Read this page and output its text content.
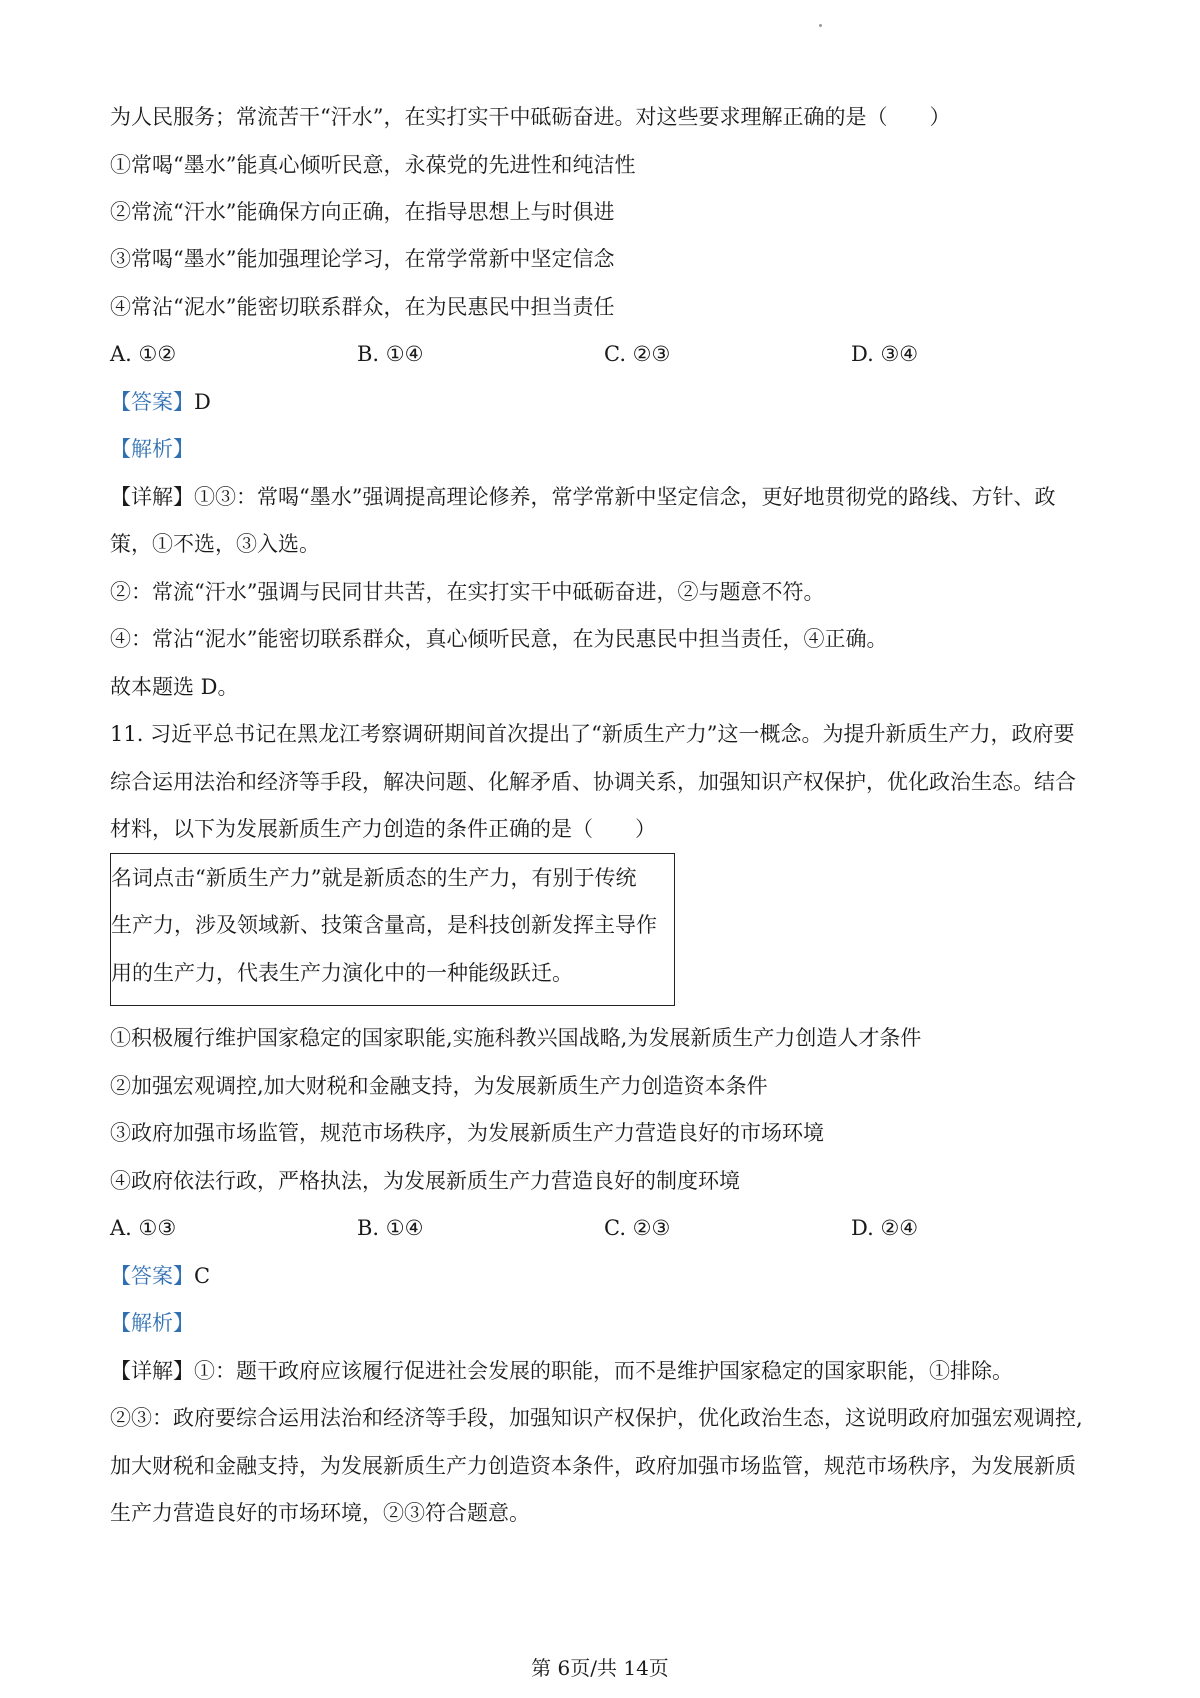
为人民服务；常流苦干“汗水”，在实打实干中砥砺奋进。对这些要求理解正确的是（　　）
①常喝“墨水”能真心倾听民意，永葆党的先进性和纯洁性
②常流“汗水”能确保方向正确，在指导思想上与时俱进
③常喝“墨水”能加强理论学习，在常学常新中坚定信念
④常沾“泥水”能密切联系群众，在为民惠民中担当责任
A. ①②	B. ①④	C. ②③	D. ③④
【答案】D
【解析】
【详解】①③：常喝“墨水”强调提高理论修养，常学常新中坚定信念，更好地贯彻党的路线、方针、政
策，①不选，③入选。
②：常流“汗水”强调与民同甘共苦，在实打实干中砥砺奋进，②与题意不符。
④：常沾“泥水”能密切联系群众，真心倾听民意，在为民惠民中担当责任，④正确。
故本题选 D。
11. 习近平总书记在黑龙江考察调研期间首次提出了“新质生产力”这一概念。为提升新质生产力，政府要
综合运用法治和经济等手段，解决问题、化解矛盾、协调关系，加强知识产权保护，优化政治生态。结合
材料，以下为发展新质生产力创造的条件正确的是（　　）
名词点击“新质生产力”就是新质态的生产力，有别于传统
生产力，涉及领域新、技策含量高，是科技创新发挥主导作
用的生产力，代表生产力演化中的一种能级跃迁。
①积极履行维护国家稳定的国家职能,实施科教兴国战略,为发展新质生产力创造人才条件
②加强宏观调控,加大财税和金融支持，为发展新质生产力创造资本条件
③政府加强市场监管，规范市场秩序，为发展新质生产力营造良好的市场环境
④政府依法行政，严格执法，为发展新质生产力营造良好的制度环境
A. ①③	B. ①④	C. ②③	D. ②④
【答案】C
【解析】
【详解】①：题干政府应该履行促进社会发展的职能，而不是维护国家稳定的国家职能，①排除。
②③：政府要综合运用法治和经济等手段，加强知识产权保护，优化政治生态，这说明政府加强宏观调控,
加大财税和金融支持，为发展新质生产力创造资本条件，政府加强市场监管，规范市场秩序，为发展新质
生产力营造良好的市场环境，②③符合题意。
第 6页/共 14页
